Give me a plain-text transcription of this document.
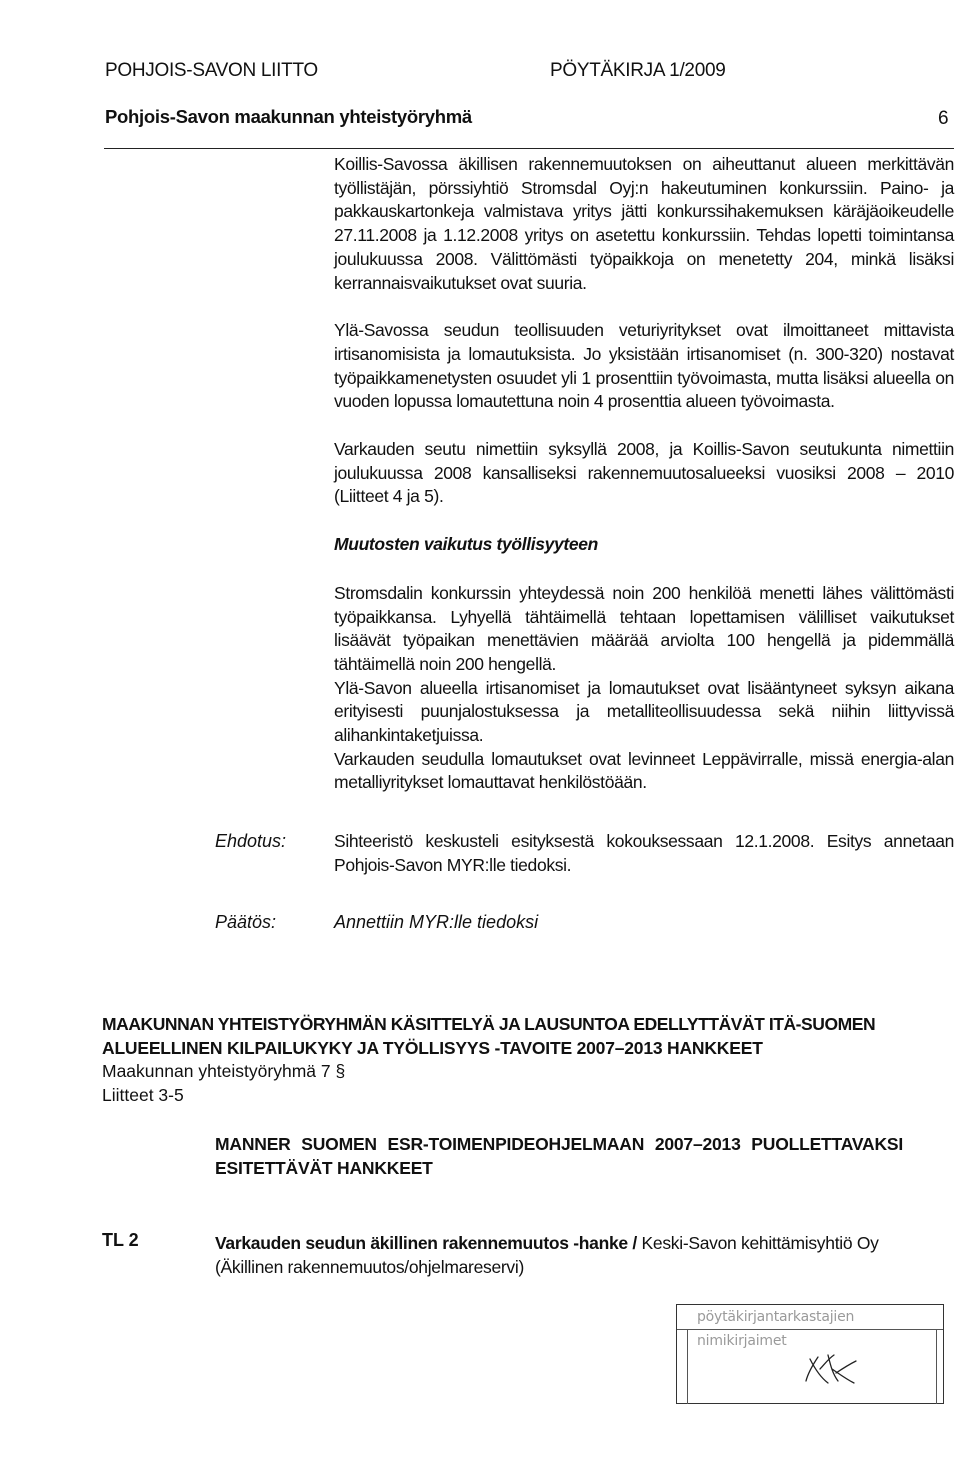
POHJOIS-SAVON LIITTO	PÖYTÄKIRJA 1/2009
Pohjois-Savon maakunnan yhteistyöryhmä	6

Koillis-Savossa äkillisen rakennemuutoksen on aiheuttanut alueen merkittävän työllistäjän, pörssiyhtiö Stromsdal Oyj:n hakeutuminen konkurssiin. Paino- ja pakkauskartonkeja valmistava yritys jätti konkurssihakemuksen käräjäoikeudelle 27.11.2008 ja 1.12.2008 yritys on asetettu konkurssiin. Tehdas lopetti toimintansa joulukuussa 2008. Välittömästi työpaikkoja on menetetty 204, minkä lisäksi kerrannaisvaikutukset ovat suuria.

Ylä-Savossa seudun teollisuuden veturiyritykset ovat ilmoittaneet mittavista irtisanomisista ja lomautuksista. Jo yksistään irtisanomiset (n. 300-320) nostavat työpaikkamenetysten osuudet yli 1 prosenttiin työvoimasta, mutta lisäksi alueella on vuoden lopussa lomautettuna noin 4 prosenttia alueen työvoimasta.

Varkauden seutu nimettiin syksyllä 2008, ja Koillis-Savon seutukunta nimettiin joulukuussa 2008 kansalliseksi rakennemuutosalueeksi vuosiksi 2008 – 2010 (Liitteet 4 ja 5).

Muutosten vaikutus työllisyyteen

Stromsdalin konkurssin yhteydessä noin 200 henkilöä menetti lähes välittömästi työpaikkansa. Lyhyellä tähtäimellä tehtaan lopettamisen välilliset vaikutukset lisäävät työpaikan menettävien määrää arviolta 100 hengellä ja pidemmällä tähtäimellä noin 200 hengellä.

Ylä-Savon alueella irtisanomiset ja lomautukset ovat lisääntyneet syksyn aikana erityisesti puunjalostuksessa ja metalliteollisuudessa sekä niihin liittyvissä alihankintaketjuissa.

Varkauden seudulla lomautukset ovat levinneet Leppävirralle, missä energia-alan metalliyritykset lomauttavat henkilöstöään.

Ehdotus:	Sihteeristö keskusteli esityksestä kokouksessaan 12.1.2008. Esitys annetaan Pohjois-Savon MYR:lle tiedoksi.
Päätös:	Annettiin MYR:lle tiedoksi
MAAKUNNAN YHTEISTYÖRYHMÄN KÄSITTELYÄ JA LAUSUNTOA EDELLYTTÄVÄT ITÄ-SUOMEN
ALUEELLINEN KILPAILUKYKY JA TYÖLLISYYS -TAVOITE 2007–2013 HANKKEET
Maakunnan yhteistyöryhmä 7 §
Liitteet 3-5
MANNER SUOMEN ESR-TOIMENPIDEOHJELMAAN 2007–2013 PUOLLETTAVAKSI
ESITETTÄVÄT HANKKEET
TL 2	Varkauden seudun äkillinen rakennemuutos -hanke / Keski-Savon kehittämisyhtiö Oy
(Äkillinen rakennemuutos/ohjelmareservi)
pöytäkirjantarkastajien nimikirjaimet
